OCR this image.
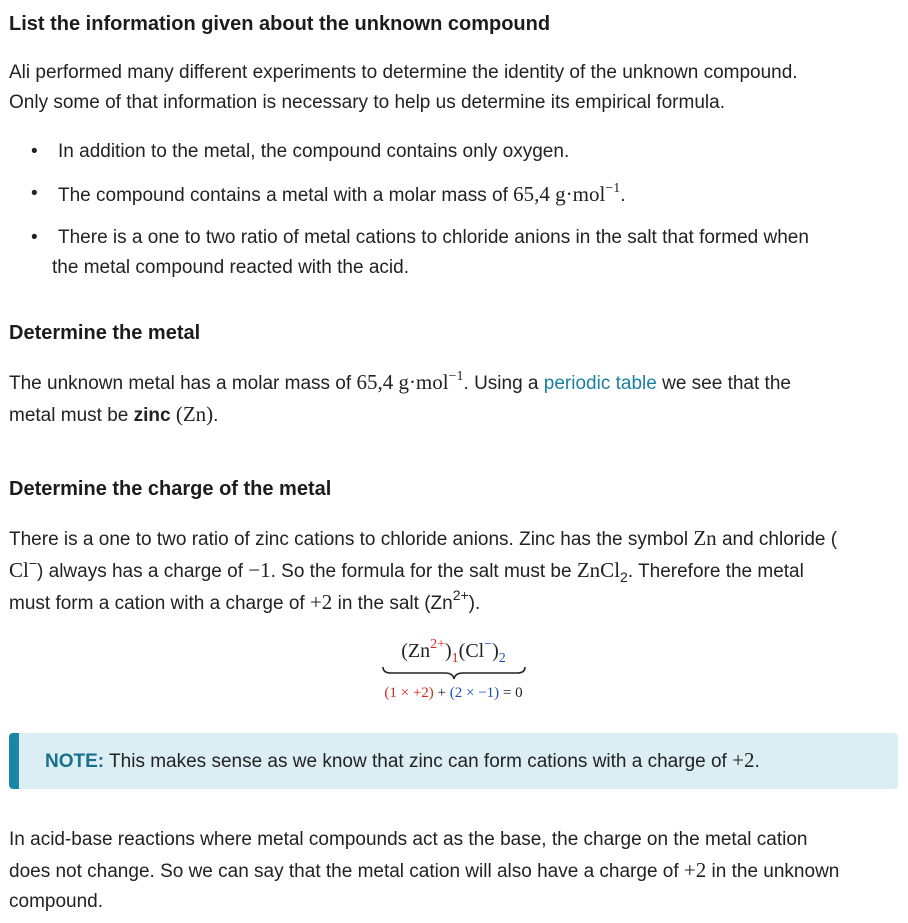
List the information given about the unknown compound

Ali performed many different experiments to determine the identity of the unknown compound.

Only some of that information is necessary to help us determine its empirical formula.

• In addition to the metal, the compound contains only oxygen.
• The compound contains a metal with a molar mass of 65,4 g·mol$^{-1}$.
• There is a one to two ratio of metal cations to chloride anions in the salt that formed when
the metal compound reacted with the acid.
Determine the metal

The unknown metal has a molar mass of 65,4 g·mol$^{-1}$. Using a periodic table we see that the
metal must be zinc (Zn).

Determine the charge of the metal

There is a one to two ratio of zinc cations to chloride anions. Zinc has the symbol Zn and chloride (
Cl−) always has a charge of −1. So the formula for the salt must be ZnCl$_2$. Therefore the metal
must form a cation with a charge of +2 in the salt $(Zn^{2+})$.

$(Zn^{2+})_1(Cl^-)_2$
(1 × +2) + (2 × −1) = 0
NOTE: This makes sense as we know that zinc can form cations with a charge of +2.

In acid-base reactions where metal compounds act as the base, the charge on the metal cation
does not change. So we can say that the metal cation will also have a charge of +2 in the unknown
compound.
